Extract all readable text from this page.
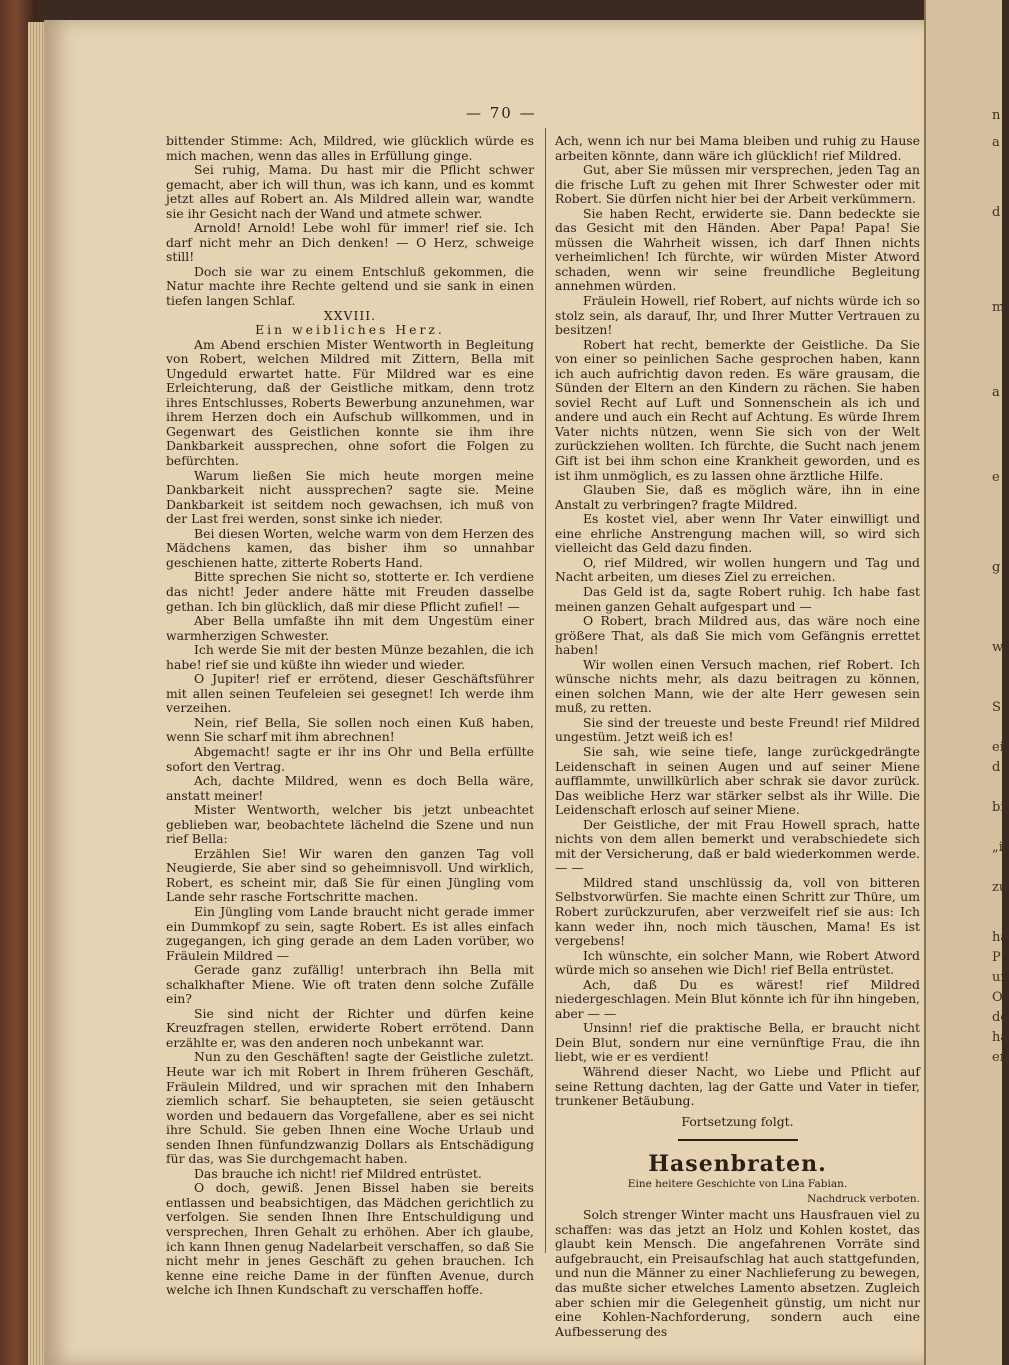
n
a
d
m
a
e
g
w
S
ei
d
bi
„i
zu
ha
P
un
O
de
ha
er
— 70 —

bittender Stimme: Ach, Mildred, wie glücklich würde es mich machen, wenn das alles in Erfüllung ginge.

Sei ruhig, Mama. Du hast mir die Pflicht schwer gemacht, aber ich will thun, was ich kann, und es kommt jetzt alles auf Robert an. Als Mildred allein war, wandte sie ihr Gesicht nach der Wand und atmete schwer.

Arnold! Arnold! Lebe wohl für immer! rief sie. Ich darf nicht mehr an Dich denken! — O Herz, schweige still!

Doch sie war zu einem Entschluß gekommen, die Natur machte ihre Rechte geltend und sie sank in einen tiefen langen Schlaf.

XXVIII.

Ein weibliches Herz.

Am Abend erschien Mister Wentworth in Begleitung von Robert, welchen Mildred mit Zittern, Bella mit Ungeduld erwartet hatte. Für Mildred war es eine Erleichterung, daß der Geistliche mitkam, denn trotz ihres Entschlusses, Roberts Bewerbung anzunehmen, war ihrem Herzen doch ein Aufschub willkommen, und in Gegenwart des Geistlichen konnte sie ihm ihre Dankbarkeit aussprechen, ohne sofort die Folgen zu befürchten.

Warum ließen Sie mich heute morgen meine Dankbarkeit nicht aussprechen? sagte sie. Meine Dankbarkeit ist seitdem noch gewachsen, ich muß von der Last frei werden, sonst sinke ich nieder.

Bei diesen Worten, welche warm von dem Herzen des Mädchens kamen, das bisher ihm so unnahbar geschienen hatte, zitterte Roberts Hand.

Bitte sprechen Sie nicht so, stotterte er. Ich verdiene das nicht! Jeder andere hätte mit Freuden dasselbe gethan. Ich bin glücklich, daß mir diese Pflicht zufiel! —

Aber Bella umfaßte ihn mit dem Ungestüm einer warmherzigen Schwester.

Ich werde Sie mit der besten Münze bezahlen, die ich habe! rief sie und küßte ihn wieder und wieder.

O Jupiter! rief er errötend, dieser Geschäftsführer mit allen seinen Teufeleien sei gesegnet! Ich werde ihm verzeihen.

Nein, rief Bella, Sie sollen noch einen Kuß haben, wenn Sie scharf mit ihm abrechnen!

Abgemacht! sagte er ihr ins Ohr und Bella erfüllte sofort den Vertrag.

Ach, dachte Mildred, wenn es doch Bella wäre, anstatt meiner!

Mister Wentworth, welcher bis jetzt unbeachtet geblieben war, beobachtete lächelnd die Szene und nun rief Bella:

Erzählen Sie! Wir waren den ganzen Tag voll Neugierde, Sie aber sind so geheimnisvoll. Und wirklich, Robert, es scheint mir, daß Sie für einen Jüngling vom Lande sehr rasche Fortschritte machen.

Ein Jüngling vom Lande braucht nicht gerade immer ein Dummkopf zu sein, sagte Robert. Es ist alles einfach zugegangen, ich ging gerade an dem Laden vorüber, wo Fräulein Mildred —

Gerade ganz zufällig! unterbrach ihn Bella mit schalkhafter Miene. Wie oft traten denn solche Zufälle ein?

Sie sind nicht der Richter und dürfen keine Kreuzfragen stellen, erwiderte Robert errötend. Dann erzählte er, was den anderen noch unbekannt war.

Nun zu den Geschäften! sagte der Geistliche zuletzt. Heute war ich mit Robert in Ihrem früheren Geschäft, Fräulein Mildred, und wir sprachen mit den Inhabern ziemlich scharf. Sie behaupteten, sie seien getäuscht worden und bedauern das Vorgefallene, aber es sei nicht ihre Schuld. Sie geben Ihnen eine Woche Urlaub und senden Ihnen fünfundzwanzig Dollars als Entschädigung für das, was Sie durchgemacht haben.

Das brauche ich nicht! rief Mildred entrüstet.

O doch, gewiß. Jenen Bissel haben sie bereits entlassen und beabsichtigen, das Mädchen gerichtlich zu verfolgen. Sie senden Ihnen Ihre Entschuldigung und versprechen, Ihren Gehalt zu erhöhen. Aber ich glaube, ich kann Ihnen genug Nadelarbeit verschaffen, so daß Sie nicht mehr in jenes Geschäft zu gehen brauchen. Ich kenne eine reiche Dame in der fünften Avenue, durch welche ich Ihnen Kundschaft zu verschaffen hoffe.

Ach, wenn ich nur bei Mama bleiben und ruhig zu Hause arbeiten könnte, dann wäre ich glücklich! rief Mildred.

Gut, aber Sie müssen mir versprechen, jeden Tag an die frische Luft zu gehen mit Ihrer Schwester oder mit Robert. Sie dürfen nicht hier bei der Arbeit verkümmern.

Sie haben Recht, erwiderte sie. Dann bedeckte sie das Gesicht mit den Händen. Aber Papa! Papa! Sie müssen die Wahrheit wissen, ich darf Ihnen nichts verheimlichen! Ich fürchte, wir würden Mister Atword schaden, wenn wir seine freundliche Begleitung annehmen würden.

Fräulein Howell, rief Robert, auf nichts würde ich so stolz sein, als darauf, Ihr, und Ihrer Mutter Vertrauen zu besitzen!

Robert hat recht, bemerkte der Geistliche. Da Sie von einer so peinlichen Sache gesprochen haben, kann ich auch aufrichtig davon reden. Es wäre grausam, die Sünden der Eltern an den Kindern zu rächen. Sie haben soviel Recht auf Luft und Sonnenschein als ich und andere und auch ein Recht auf Achtung. Es würde Ihrem Vater nichts nützen, wenn Sie sich von der Welt zurückziehen wollten. Ich fürchte, die Sucht nach jenem Gift ist bei ihm schon eine Krankheit geworden, und es ist ihm unmöglich, es zu lassen ohne ärztliche Hilfe.

Glauben Sie, daß es möglich wäre, ihn in eine Anstalt zu verbringen? fragte Mildred.

Es kostet viel, aber wenn Ihr Vater einwilligt und eine ehrliche Anstrengung machen will, so wird sich vielleicht das Geld dazu finden.

O, rief Mildred, wir wollen hungern und Tag und Nacht arbeiten, um dieses Ziel zu erreichen.

Das Geld ist da, sagte Robert ruhig. Ich habe fast meinen ganzen Gehalt aufgespart und —

O Robert, brach Mildred aus, das wäre noch eine größere That, als daß Sie mich vom Gefängnis errettet haben!

Wir wollen einen Versuch machen, rief Robert. Ich wünsche nichts mehr, als dazu beitragen zu können, einen solchen Mann, wie der alte Herr gewesen sein muß, zu retten.

Sie sind der treueste und beste Freund! rief Mildred ungestüm. Jetzt weiß ich es!

Sie sah, wie seine tiefe, lange zurückgedrängte Leidenschaft in seinen Augen und auf seiner Miene aufflammte, unwillkürlich aber schrak sie davor zurück. Das weibliche Herz war stärker selbst als ihr Wille. Die Leidenschaft erlosch auf seiner Miene.

Der Geistliche, der mit Frau Howell sprach, hatte nichts von dem allen bemerkt und verabschiedete sich mit der Versicherung, daß er bald wiederkommen werde. — —

Mildred stand unschlüssig da, voll von bitteren Selbstvorwürfen. Sie machte einen Schritt zur Thüre, um Robert zurückzurufen, aber verzweifelt rief sie aus: Ich kann weder ihn, noch mich täuschen, Mama! Es ist vergebens!

Ich wünschte, ein solcher Mann, wie Robert Atword würde mich so ansehen wie Dich! rief Bella entrüstet.

Ach, daß Du es wärest! rief Mildred niedergeschlagen. Mein Blut könnte ich für ihn hingeben, aber — —

Unsinn! rief die praktische Bella, er braucht nicht Dein Blut, sondern nur eine vernünftige Frau, die ihn liebt, wie er es verdient!

Während dieser Nacht, wo Liebe und Pflicht auf seine Rettung dachten, lag der Gatte und Vater in tiefer, trunkener Betäubung.

Fortsetzung folgt.

Hasenbraten.

Eine heitere Geschichte von Lina Fabian.

Nachdruck verboten.

Solch strenger Winter macht uns Hausfrauen viel zu schaffen: was das jetzt an Holz und Kohlen kostet, das glaubt kein Mensch. Die angefahrenen Vorräte sind aufgebraucht, ein Preisaufschlag hat auch stattgefunden, und nun die Männer zu einer Nachlieferung zu bewegen, das mußte sicher etwelches Lamento absetzen. Zugleich aber schien mir die Gelegenheit günstig, um nicht nur eine Kohlen-Nachforderung, sondern auch eine Aufbesserung des
